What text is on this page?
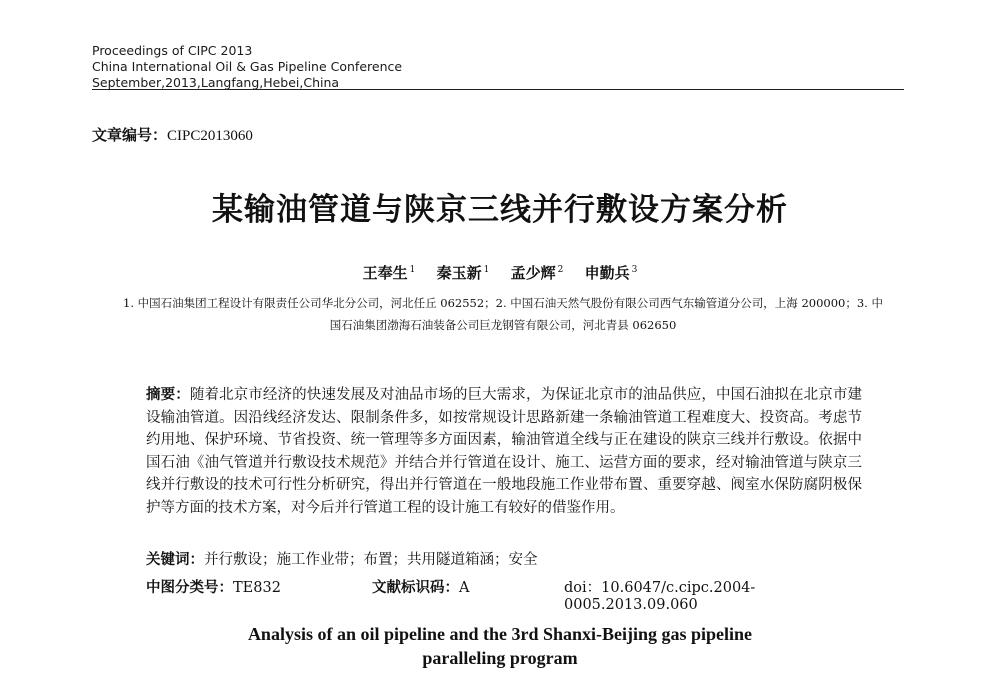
Proceedings of CIPC 2013
China International Oil & Gas Pipeline Conference
September,2013,Langfang,Hebei,China
文章编号：CIPC2013060
某输油管道与陕京三线并行敷设方案分析
王奉生 $^1$ 秦玉新 $^1$ 孟少辉 $^2$ 申勤兵 $^3$
1. 中国石油集团工程设计有限责任公司华北分公司，河北任丘 062552；2. 中国石油天然气股份有限公司西气东输管道分公司，上海 200000；3. 中国石油集团渤海石油装备公司巨龙钢管有限公司，河北青县 062650
摘要：随着北京市经济的快速发展及对油品市场的巨大需求，为保证北京市的油品供应，中国石油拟在北京市建设输油管道。因沿线经济发达、限制条件多，如按常规设计思路新建一条输油管道工程难度大、投资高。考虑节约用地、保护环境、节省投资、统一管理等多方面因素，输油管道全线与正在建设的陕京三线并行敷设。依据中国石油《油气管道并行敷设技术规范》并结合并行管道在设计、施工、运营方面的要求，经对输油管道与陕京三线并行敷设的技术可行性分析研究，得出并行管道在一般地段施工作业带布置、重要穿越、阀室水保防腐阴极保护等方面的技术方案，对今后并行管道工程的设计施工有较好的借鉴作用。
关键词：并行敷设；施工作业带；布置；共用隧道箱涵；安全
中图分类号：TE832	文献标识码：A	doi：10.6047/c.cipc.2004-0005.2013.09.060
Analysis of an oil pipeline and the 3rd Shanxi-Beijing gas pipeline
paralleling program
